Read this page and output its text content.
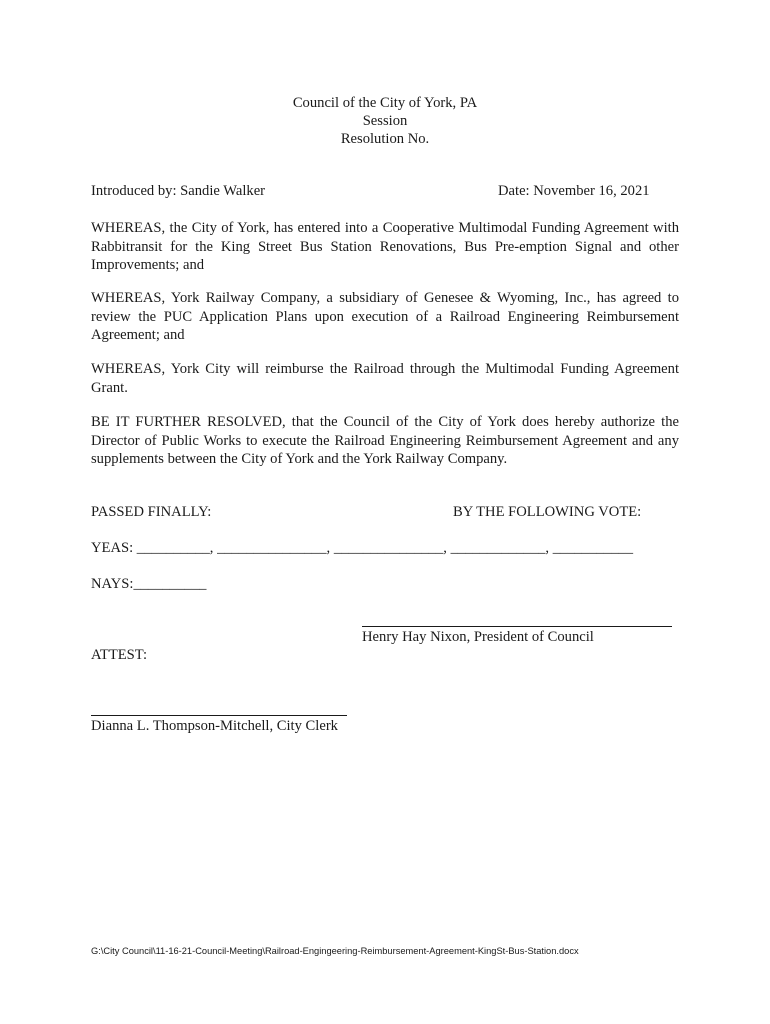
Council of the City of York, PA
Session
Resolution No.
Introduced by: Sandie Walker	Date: November 16, 2021
WHEREAS, the City of York, has entered into a Cooperative Multimodal Funding Agreement with Rabbitransit for the King Street Bus Station Renovations, Bus Pre-emption Signal and other Improvements; and
WHEREAS, York Railway Company, a subsidiary of Genesee & Wyoming, Inc., has agreed to review the PUC Application Plans upon execution of a Railroad Engineering Reimbursement Agreement; and
WHEREAS, York City will reimburse the Railroad through the Multimodal Funding Agreement Grant.
BE IT FURTHER RESOLVED, that the Council of the City of York does hereby authorize the Director of Public Works to execute the Railroad Engineering Reimbursement Agreement and any supplements between the City of York and the York Railway Company.
PASSED FINALLY:	BY THE FOLLOWING VOTE:
YEAS: __________, _______________, _______________, _____________, ___________
NAYS:__________
Henry Hay Nixon, President of Council
ATTEST:
Dianna L. Thompson-Mitchell, City Clerk
G:\City Council\11-16-21-Council-Meeting\Railroad-Engingeering-Reimbursement-Agreement-KingSt-Bus-Station.docx
